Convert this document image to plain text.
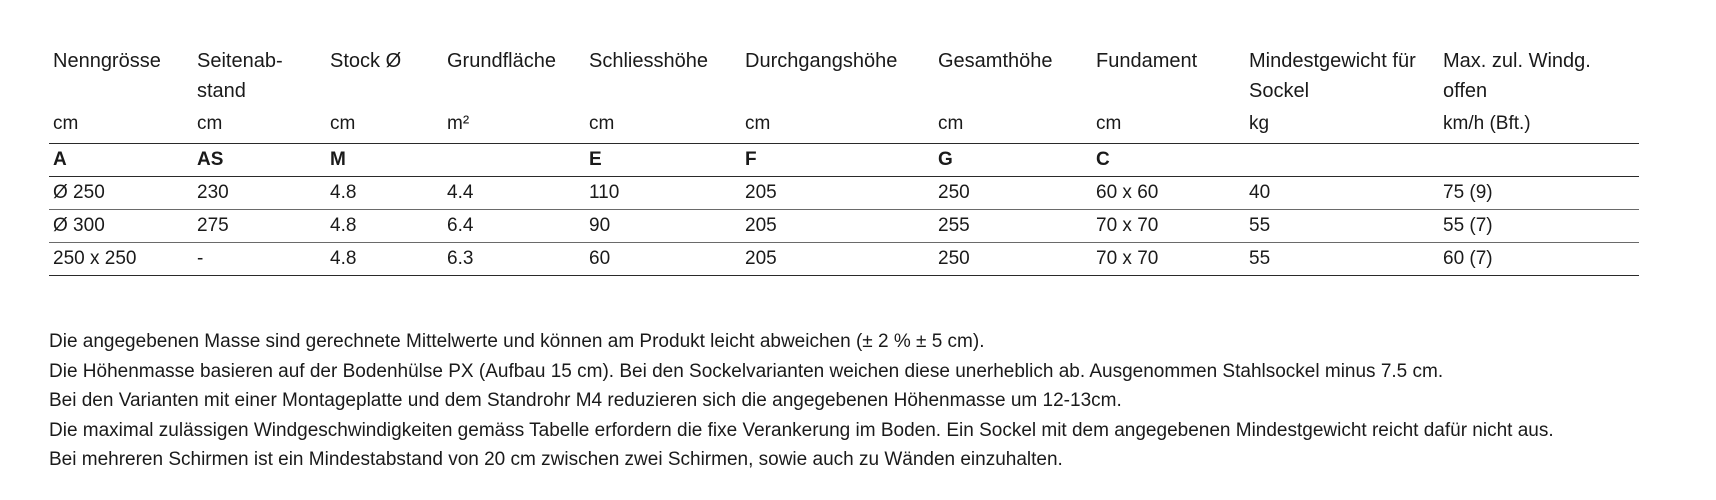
Nenngrösse	Seitenab-stand	Stock Ø	Grundfläche	Schliesshöhe	Durchgangshöhe	Gesamthöhe	Fundament	Mindestgewicht für Sockel	Max. zul. Windg. offen
cm	cm	cm	m²	cm	cm	cm	cm	kg	km/h (Bft.)
A	AS	M		E	F	G	C		
Ø 250	230	4.8	4.4	110	205	250	60 x 60	40	75 (9)
Ø 300	275	4.8	6.4	90	205	255	70 x 70	55	55 (7)
250 x 250	-	4.8	6.3	60	205	250	70 x 70	55	60 (7)

Die angegebenen Masse sind gerechnete Mittelwerte und können am Produkt leicht abweichen (± 2 % ± 5 cm).

Die Höhenmasse basieren auf der Bodenhülse PX (Aufbau 15 cm). Bei den Sockelvarianten weichen diese unerheblich ab. Ausgenommen Stahlsockel minus 7.5 cm.

Bei den Varianten mit einer Montageplatte und dem Standrohr M4 reduzieren sich die angegebenen Höhenmasse um 12-13cm.

Die maximal zulässigen Windgeschwindigkeiten gemäss Tabelle erfordern die fixe Verankerung im Boden. Ein Sockel mit dem angegebenen Mindestgewicht reicht dafür nicht aus.

Bei mehreren Schirmen ist ein Mindestabstand von 20 cm zwischen zwei Schirmen, sowie auch zu Wänden einzuhalten.
